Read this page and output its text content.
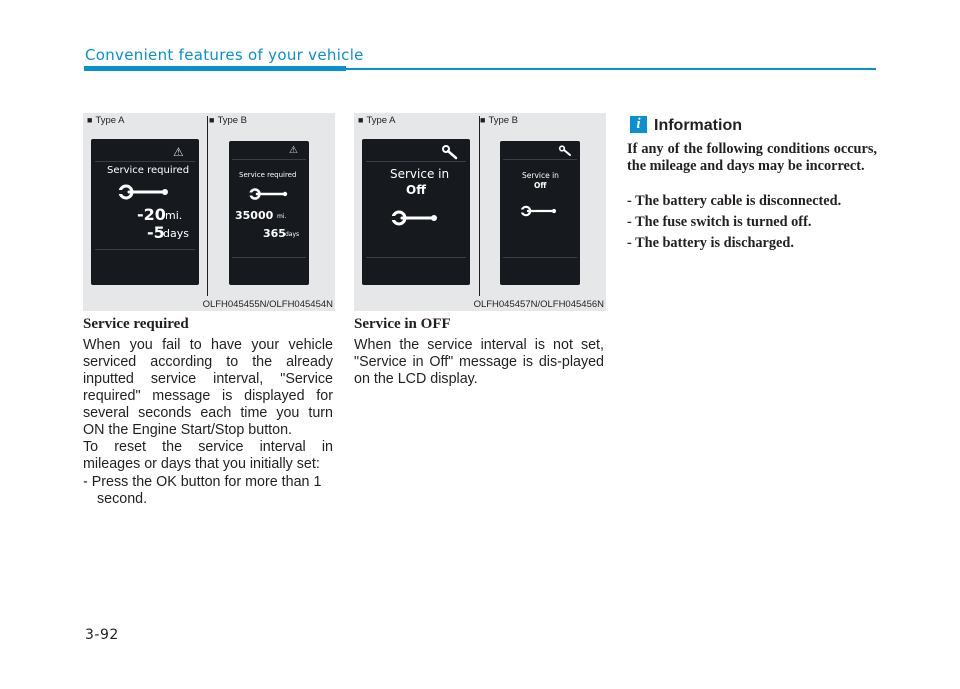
Convenient features of your vehicle
■ Type A	■ Type B
⚠
Service required
-20 mi.
-5
days
⚠
Service required
35000 mi.
365 days
OLFH045455N/OLFH045454N
■ Type A	■ Type B
Service in
Off
Service in
Off
OLFH045457N/OLFH045456N
Service required

When you fail to have your vehicle serviced according to the already inputted service interval, "Service required" message is displayed for several seconds each time you turn ON the Engine Start/Stop button.

To reset the service interval in mileages or days that you initially set:

- Press the OK button for more than 1 second.

Service in OFF

When the service interval is not set, "Service in Off" message is dis-played on the LCD display.

i Information

If any of the following conditions occurs, the mileage and days may be incorrect.

- The battery cable is disconnected.

- The fuse switch is turned off.

- The battery is discharged.

3-92
